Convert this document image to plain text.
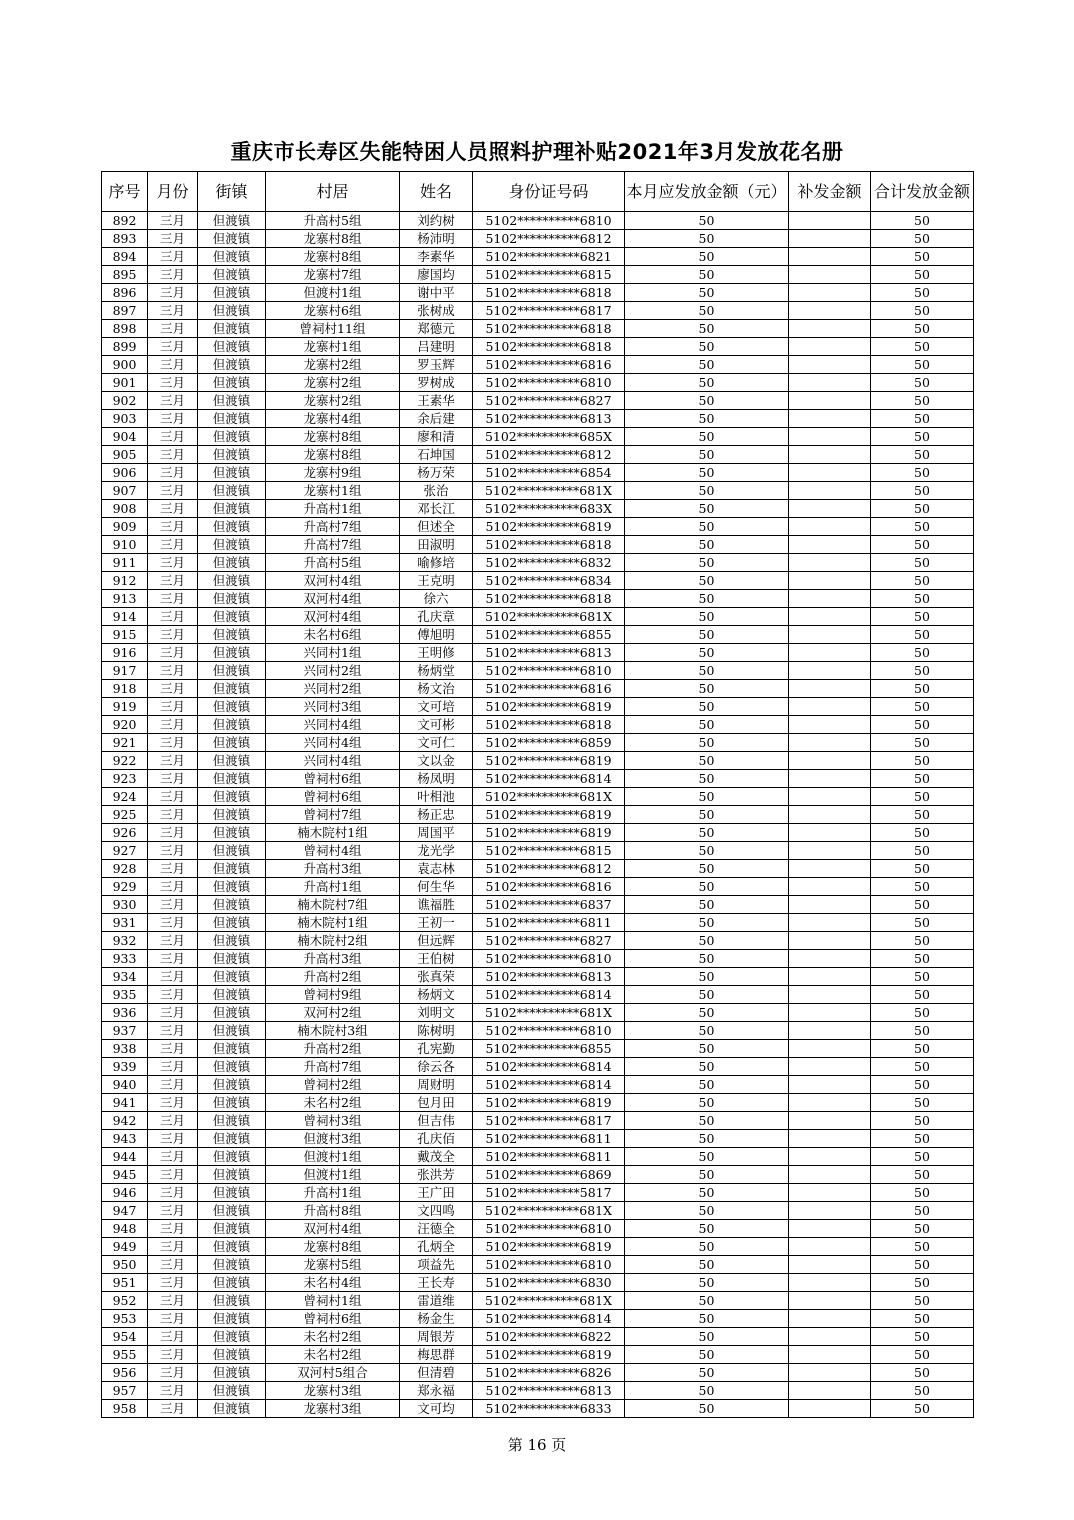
重庆市长寿区失能特困人员照料护理补贴2021年3月发放花名册
序号	月份	街镇	村居	姓名	身份证号码	本月应发放金额（元）	补发金额	合计发放金额
892	三月	但渡镇	升高村5组	刘约树	5102**********6810	50		50
893	三月	但渡镇	龙寨村8组	杨沛明	5102**********6812	50		50
894	三月	但渡镇	龙寨村8组	李素华	5102**********6821	50		50
895	三月	但渡镇	龙寨村7组	廖国均	5102**********6815	50		50
896	三月	但渡镇	但渡村1组	谢中平	5102**********6818	50		50
897	三月	但渡镇	龙寨村6组	张树成	5102**********6817	50		50
898	三月	但渡镇	曾祠村11组	郑德元	5102**********6818	50		50
899	三月	但渡镇	龙寨村1组	吕建明	5102**********6818	50		50
900	三月	但渡镇	龙寨村2组	罗玉辉	5102**********6816	50		50
901	三月	但渡镇	龙寨村2组	罗树成	5102**********6810	50		50
902	三月	但渡镇	龙寨村2组	王素华	5102**********6827	50		50
903	三月	但渡镇	龙寨村4组	余后建	5102**********6813	50		50
904	三月	但渡镇	龙寨村8组	廖和清	5102**********685X	50		50
905	三月	但渡镇	龙寨村8组	石坤国	5102**********6812	50		50
906	三月	但渡镇	龙寨村9组	杨万荣	5102**********6854	50		50
907	三月	但渡镇	龙寨村1组	张治	5102**********681X	50		50
908	三月	但渡镇	升高村1组	邓长江	5102**********683X	50		50
909	三月	但渡镇	升高村7组	但述全	5102**********6819	50		50
910	三月	但渡镇	升高村7组	田淑明	5102**********6818	50		50
911	三月	但渡镇	升高村5组	喻修培	5102**********6832	50		50
912	三月	但渡镇	双河村4组	王克明	5102**********6834	50		50
913	三月	但渡镇	双河村4组	徐六	5102**********6818	50		50
914	三月	但渡镇	双河村4组	孔庆章	5102**********681X	50		50
915	三月	但渡镇	未名村6组	傅旭明	5102**********6855	50		50
916	三月	但渡镇	兴同村1组	王明修	5102**********6813	50		50
917	三月	但渡镇	兴同村2组	杨炳堂	5102**********6810	50		50
918	三月	但渡镇	兴同村2组	杨文治	5102**********6816	50		50
919	三月	但渡镇	兴同村3组	文可培	5102**********6819	50		50
920	三月	但渡镇	兴同村4组	文可彬	5102**********6818	50		50
921	三月	但渡镇	兴同村4组	文可仁	5102**********6859	50		50
922	三月	但渡镇	兴同村4组	文以金	5102**********6819	50		50
923	三月	但渡镇	曾祠村6组	杨凤明	5102**********6814	50		50
924	三月	但渡镇	曾祠村6组	叶相池	5102**********681X	50		50
925	三月	但渡镇	曾祠村7组	杨正忠	5102**********6819	50		50
926	三月	但渡镇	楠木院村1组	周国平	5102**********6819	50		50
927	三月	但渡镇	曾祠村4组	龙光学	5102**********6815	50		50
928	三月	但渡镇	升高村3组	袁志林	5102**********6812	50		50
929	三月	但渡镇	升高村1组	何生华	5102**********6816	50		50
930	三月	但渡镇	楠木院村7组	谯福胜	5102**********6837	50		50
931	三月	但渡镇	楠木院村1组	王初一	5102**********6811	50		50
932	三月	但渡镇	楠木院村2组	但远辉	5102**********6827	50		50
933	三月	但渡镇	升高村3组	王伯树	5102**********6810	50		50
934	三月	但渡镇	升高村2组	张真荣	5102**********6813	50		50
935	三月	但渡镇	曾祠村9组	杨炳文	5102**********6814	50		50
936	三月	但渡镇	双河村2组	刘明文	5102**********681X	50		50
937	三月	但渡镇	楠木院村3组	陈树明	5102**********6810	50		50
938	三月	但渡镇	升高村2组	孔宪勤	5102**********6855	50		50
939	三月	但渡镇	升高村7组	徐云各	5102**********6814	50		50
940	三月	但渡镇	曾祠村2组	周财明	5102**********6814	50		50
941	三月	但渡镇	未名村2组	包月田	5102**********6819	50		50
942	三月	但渡镇	曾祠村3组	但吉伟	5102**********6817	50		50
943	三月	但渡镇	但渡村3组	孔庆佰	5102**********6811	50		50
944	三月	但渡镇	但渡村1组	戴茂全	5102**********6811	50		50
945	三月	但渡镇	但渡村1组	张洪芳	5102**********6869	50		50
946	三月	但渡镇	升高村1组	王广田	5102**********5817	50		50
947	三月	但渡镇	升高村8组	文四鸣	5102**********681X	50		50
948	三月	但渡镇	双河村4组	汪德全	5102**********6810	50		50
949	三月	但渡镇	龙寨村8组	孔炳全	5102**********6819	50		50
950	三月	但渡镇	龙寨村5组	项益先	5102**********6810	50		50
951	三月	但渡镇	未名村4组	王长寿	5102**********6830	50		50
952	三月	但渡镇	曾祠村1组	雷道维	5102**********681X	50		50
953	三月	但渡镇	曾祠村6组	杨金生	5102**********6814	50		50
954	三月	但渡镇	未名村2组	周银芳	5102**********6822	50		50
955	三月	但渡镇	未名村2组	梅思群	5102**********6819	50		50
956	三月	但渡镇	双河村5组合	但清碧	5102**********6826	50		50
957	三月	但渡镇	龙寨村3组	郑永福	5102**********6813	50		50
958	三月	但渡镇	龙寨村3组	文可均	5102**********6833	50		50
第 16 页
